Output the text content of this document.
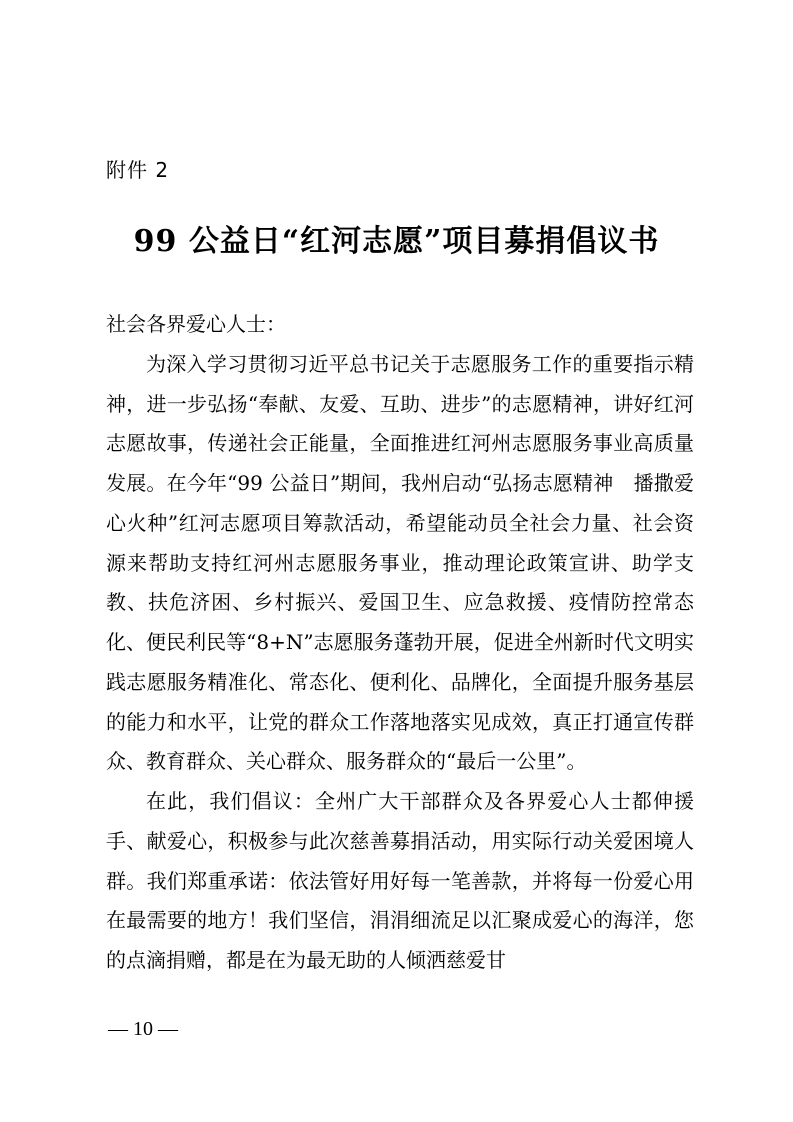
附件 2

99 公益日“红河志愿”项目募捐倡议书

社会各界爱心人士：

为深入学习贯彻习近平总书记关于志愿服务工作的重要指示精神，进一步弘扬“奉献、友爱、互助、进步”的志愿精神，讲好红河志愿故事，传递社会正能量，全面推进红河州志愿服务事业高质量发展。在今年“99 公益日”期间，我州启动“弘扬志愿精神　播撒爱心火种”红河志愿项目筹款活动，希望能动员全社会力量、社会资源来帮助支持红河州志愿服务事业，推动理论政策宣讲、助学支教、扶危济困、乡村振兴、爱国卫生、应急救援、疫情防控常态化、便民利民等“8+N”志愿服务蓬勃开展，促进全州新时代文明实践志愿服务精准化、常态化、便利化、品牌化，全面提升服务基层的能力和水平，让党的群众工作落地落实见成效，真正打通宣传群众、教育群众、关心群众、服务群众的“最后一公里”。

在此，我们倡议：全州广大干部群众及各界爱心人士都伸援手、献爱心，积极参与此次慈善募捐活动，用实际行动关爱困境人群。我们郑重承诺：依法管好用好每一笔善款，并将每一份爱心用在最需要的地方！我们坚信，涓涓细流足以汇聚成爱心的海洋，您的点滴捐赠，都是在为最无助的人倾洒慈爱甘

— 10 —
